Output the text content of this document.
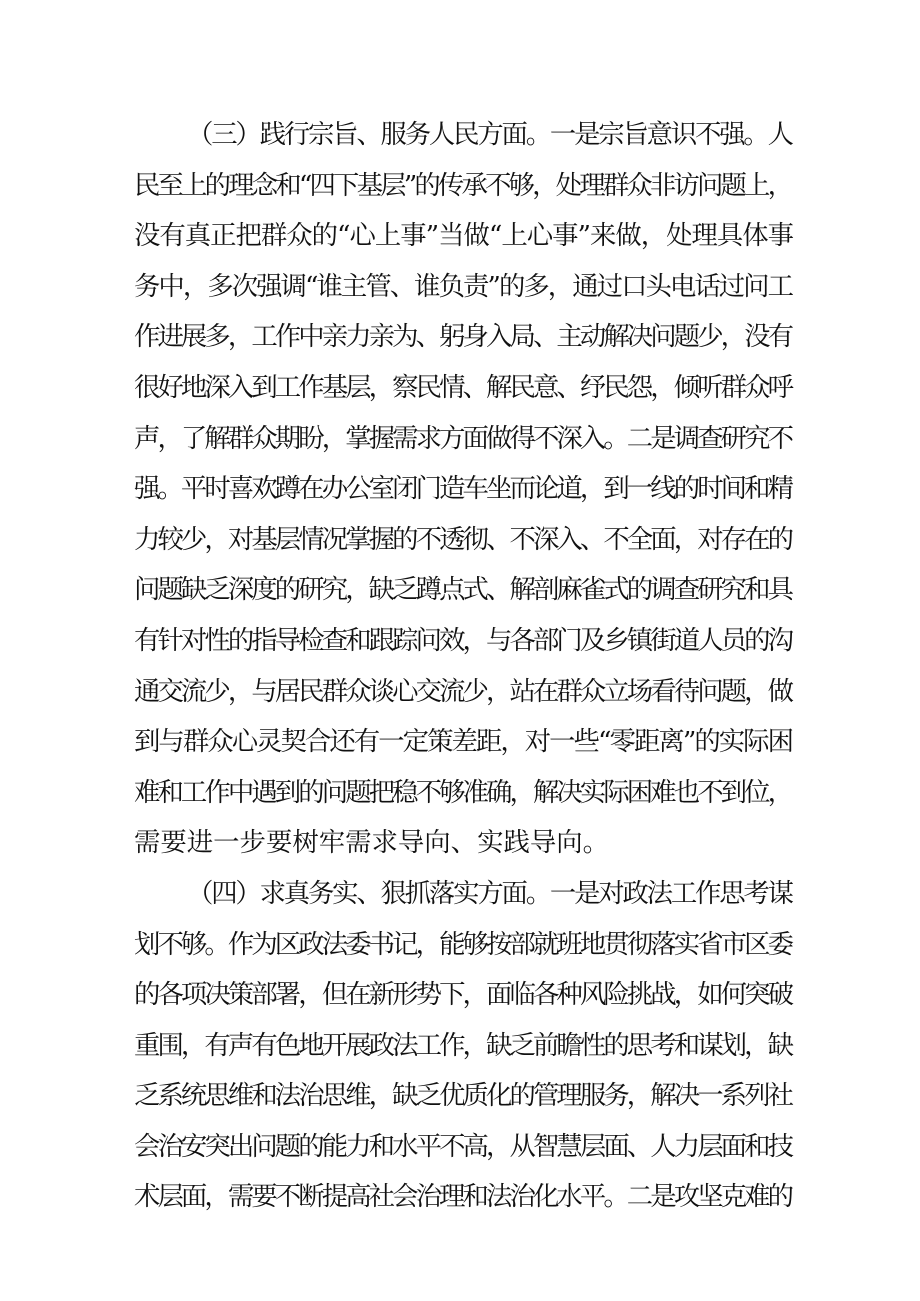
（三）践行宗旨、服务人民方面。一是宗旨意识不强。人
民至上的理念和“四下基层”的传承不够，处理群众非访问题上，
没有真正把群众的“心上事”当做“上心事”来做，处理具体事
务中，多次强调“谁主管、谁负责”的多，通过口头电话过问工
作进展多，工作中亲力亲为、躬身入局、主动解决问题少，没有
很好地深入到工作基层，察民情、解民意、纾民怨，倾听群众呼
声，了解群众期盼，掌握需求方面做得不深入。二是调查研究不
强。平时喜欢蹲在办公室闭门造车坐而论道，到一线的时间和精
力较少，对基层情况掌握的不透彻、不深入、不全面，对存在的
问题缺乏深度的研究，缺乏蹲点式、解剖麻雀式的调查研究和具
有针对性的指导检查和跟踪问效，与各部门及乡镇街道人员的沟
通交流少，与居民群众谈心交流少，站在群众立场看待问题，做
到与群众心灵契合还有一定策差距，对一些“零距离”的实际困
难和工作中遇到的问题把稳不够准确，解决实际困难也不到位，
需要进一步要树牢需求导向、实践导向。
（四）求真务实、狠抓落实方面。一是对政法工作思考谋
划不够。作为区政法委书记，能够按部就班地贯彻落实省市区委
的各项决策部署，但在新形势下，面临各种风险挑战，如何突破
重围，有声有色地开展政法工作，缺乏前瞻性的思考和谋划，缺
乏系统思维和法治思维，缺乏优质化的管理服务，解决一系列社
会治安突出问题的能力和水平不高，从智慧层面、人力层面和技
术层面，需要不断提高社会治理和法治化水平。二是攻坚克难的
